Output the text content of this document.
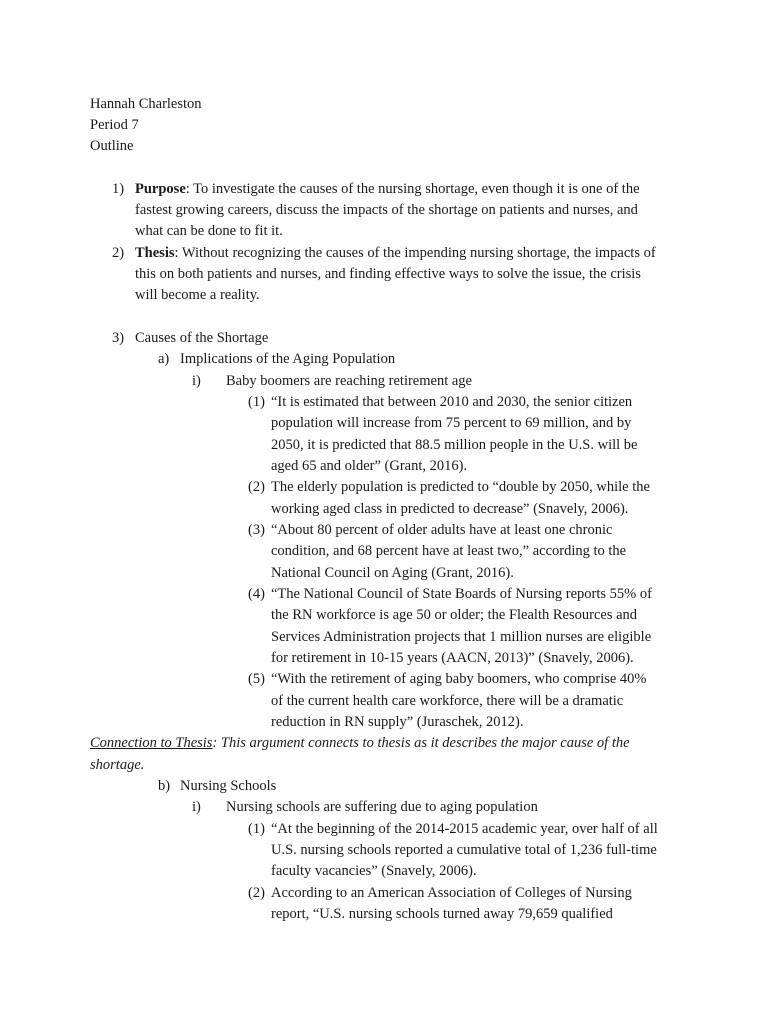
Hannah Charleston
Period 7
Outline
1) Purpose: To investigate the causes of the nursing shortage, even though it is one of the
fastest growing careers, discuss the impacts of the shortage on patients and nurses, and
what can be done to fit it.
2) Thesis: Without recognizing the causes of the impending nursing shortage, the impacts of
this on both patients and nurses, and finding effective ways to solve the issue, the crisis
will become a reality.
3) Causes of the Shortage
a) Implications of the Aging Population
i) Baby boomers are reaching retirement age
(1) “It is estimated that between 2010 and 2030, the senior citizen
population will increase from 75 percent to 69 million, and by
2050, it is predicted that 88.5 million people in the U.S. will be
aged 65 and older” (Grant, 2016).
(2) The elderly population is predicted to “double by 2050, while the
working aged class in predicted to decrease” (Snavely, 2006).
(3) “About 80 percent of older adults have at least one chronic
condition, and 68 percent have at least two,” according to the
National Council on Aging (Grant, 2016).
(4) “The National Council of State Boards of Nursing reports 55% of
the RN workforce is age 50 or older; the Flealth Resources and
Services Administration projects that 1 million nurses are eligible
for retirement in 10-15 years (AACN, 2013)” (Snavely, 2006).
(5) “With the retirement of aging baby boomers, who comprise 40%
of the current health care workforce, there will be a dramatic
reduction in RN supply” (Juraschek, 2012).
Connection to Thesis: This argument connects to thesis as it describes the major cause of the
shortage.
b) Nursing Schools
i) Nursing schools are suffering due to aging population
(1) “At the beginning of the 2014-2015 academic year, over half of all
U.S. nursing schools reported a cumulative total of 1,236 full-time
faculty vacancies” (Snavely, 2006).
(2) According to an American Association of Colleges of Nursing
report, “U.S. nursing schools turned away 79,659 qualified
